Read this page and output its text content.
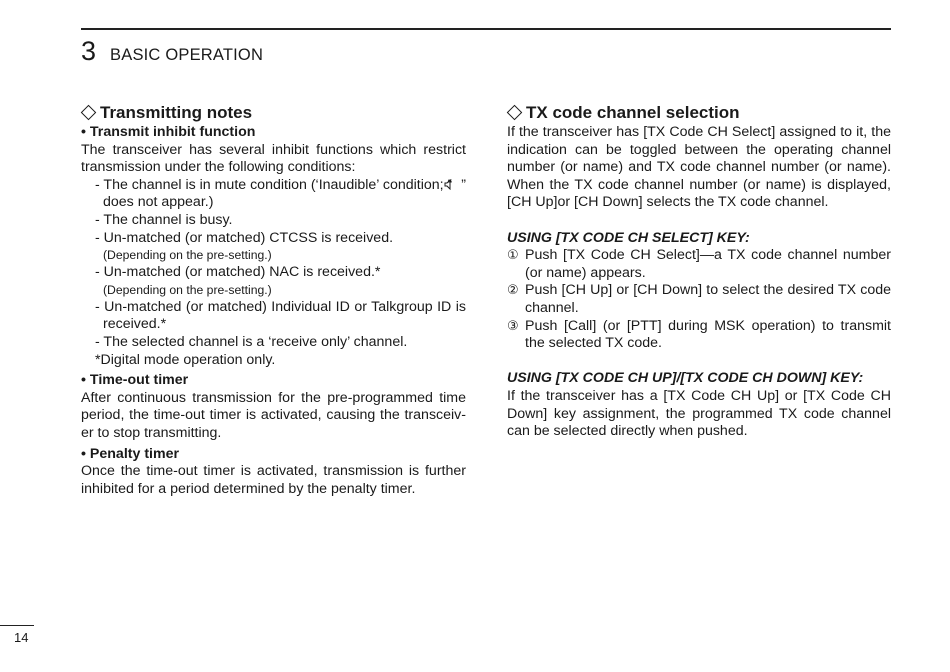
3 BASIC OPERATION
Transmitting notes
• Transmit inhibit function

The transceiver has several inhibit functions which restrict transmission under the following conditions:

- The channel is in mute condition (‘Inaudible’ condition; “ ” does not appear.)
- The channel is busy.
- Un-matched (or matched) CTCSS is received.
(Depending on the pre-setting.)
- Un-matched (or matched) NAC is received.*
(Depending on the pre-setting.)
- Un-matched (or matched) Individual ID or Talkgroup ID is received.*
- The selected channel is a ‘receive only’ channel.
*Digital mode operation only.
• Time-out timer

After continuous transmission for the pre-programmed time period, the time-out timer is activated, causing the transceiv-er to stop transmitting.

• Penalty timer

Once the time-out timer is activated, transmission is further inhibited for a period determined by the penalty timer.

TX code channel selection

If the transceiver has [TX Code CH Select] assigned to it, the indication can be toggled between the operating channel number (or name) and TX code channel number (or name). When the TX code channel number (or name) is displayed, [CH Up]or [CH Down] selects the TX code channel.

USING [TX CODE CH SELECT] KEY:
① Push [TX Code CH Select]—a TX code channel number (or name) appears.
② Push [CH Up] or [CH Down] to select the desired TX code channel.
③ Push [Call] (or [PTT] during MSK operation) to transmit the selected TX code.
USING [TX CODE CH UP]/[TX CODE CH DOWN] KEY:

If the transceiver has a [TX Code CH Up] or [TX Code CH Down] key assignment, the programmed TX code channel can be selected directly when pushed.

14
